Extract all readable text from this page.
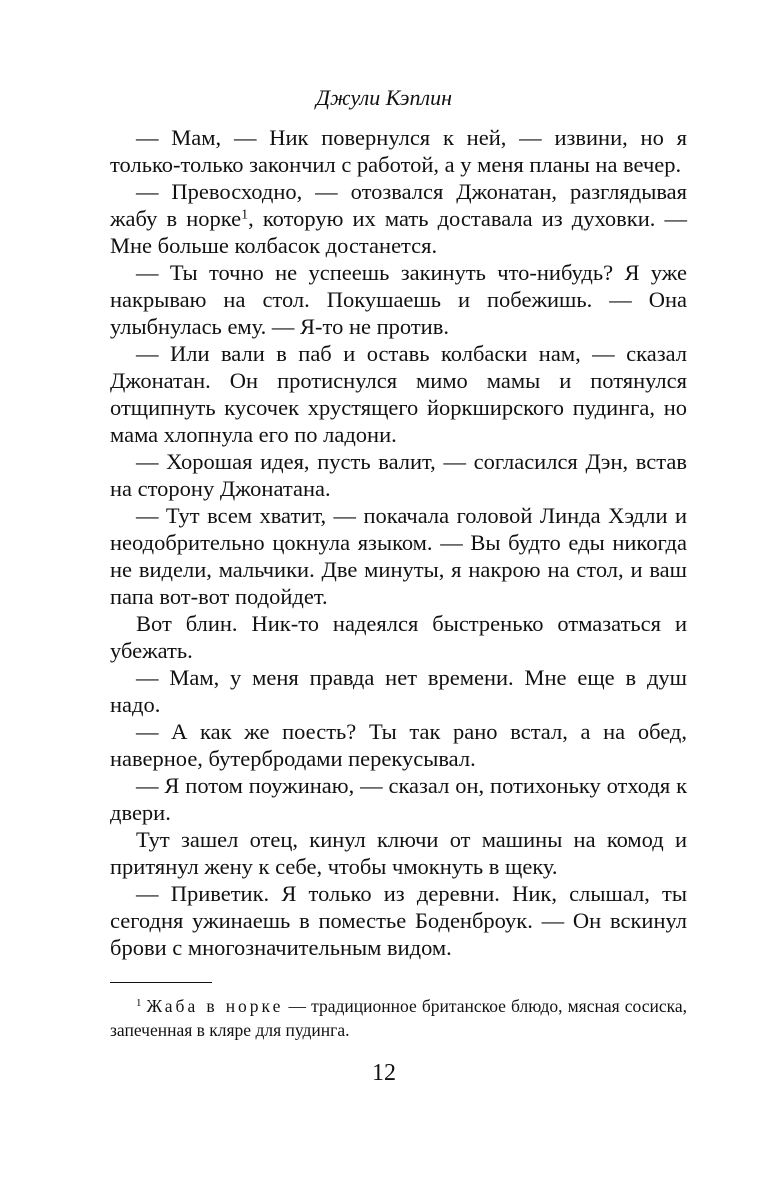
Джули Кэплин

— Мам, — Ник повернулся к ней, — извини, но я только-только закончил с работой, а у меня планы на вечер.

— Превосходно, — отозвался Джонатан, разглядывая жабу в норке$^1$, которую их мать доставала из духовки. — Мне больше колбасок достанется.

— Ты точно не успеешь закинуть что-нибудь? Я уже накрываю на стол. Покушаешь и побежишь. — Она улыбнулась ему. — Я-то не против.

— Или вали в паб и оставь колбаски нам, — сказал Джонатан. Он протиснулся мимо мамы и потянулся отщипнуть кусочек хрустящего йоркширского пудинга, но мама хлопнула его по ладони.

— Хорошая идея, пусть валит, — согласился Дэн, встав на сторону Джонатана.

— Тут всем хватит, — покачала головой Линда Хэдли и неодобрительно цокнула языком. — Вы будто еды никогда не видели, мальчики. Две минуты, я накрою на стол, и ваш папа вот-вот подойдет.

Вот блин. Ник-то надеялся быстренько отмазаться и убежать.

— Мам, у меня правда нет времени. Мне еще в душ надо.

— А как же поесть? Ты так рано встал, а на обед, наверное, бутербродами перекусывал.

— Я потом поужинаю, — сказал он, потихоньку отходя к двери.

Тут зашел отец, кинул ключи от машины на комод и притянул жену к себе, чтобы чмокнуть в щеку.

— Приветик. Я только из деревни. Ник, слышал, ты сегодня ужинаешь в поместье Боденброук. — Он вскинул брови с многозначительным видом.

$^1$ Жаба в норке — традиционное британское блюдо, мясная сосиска, запеченная в кляре для пудинга.
12
